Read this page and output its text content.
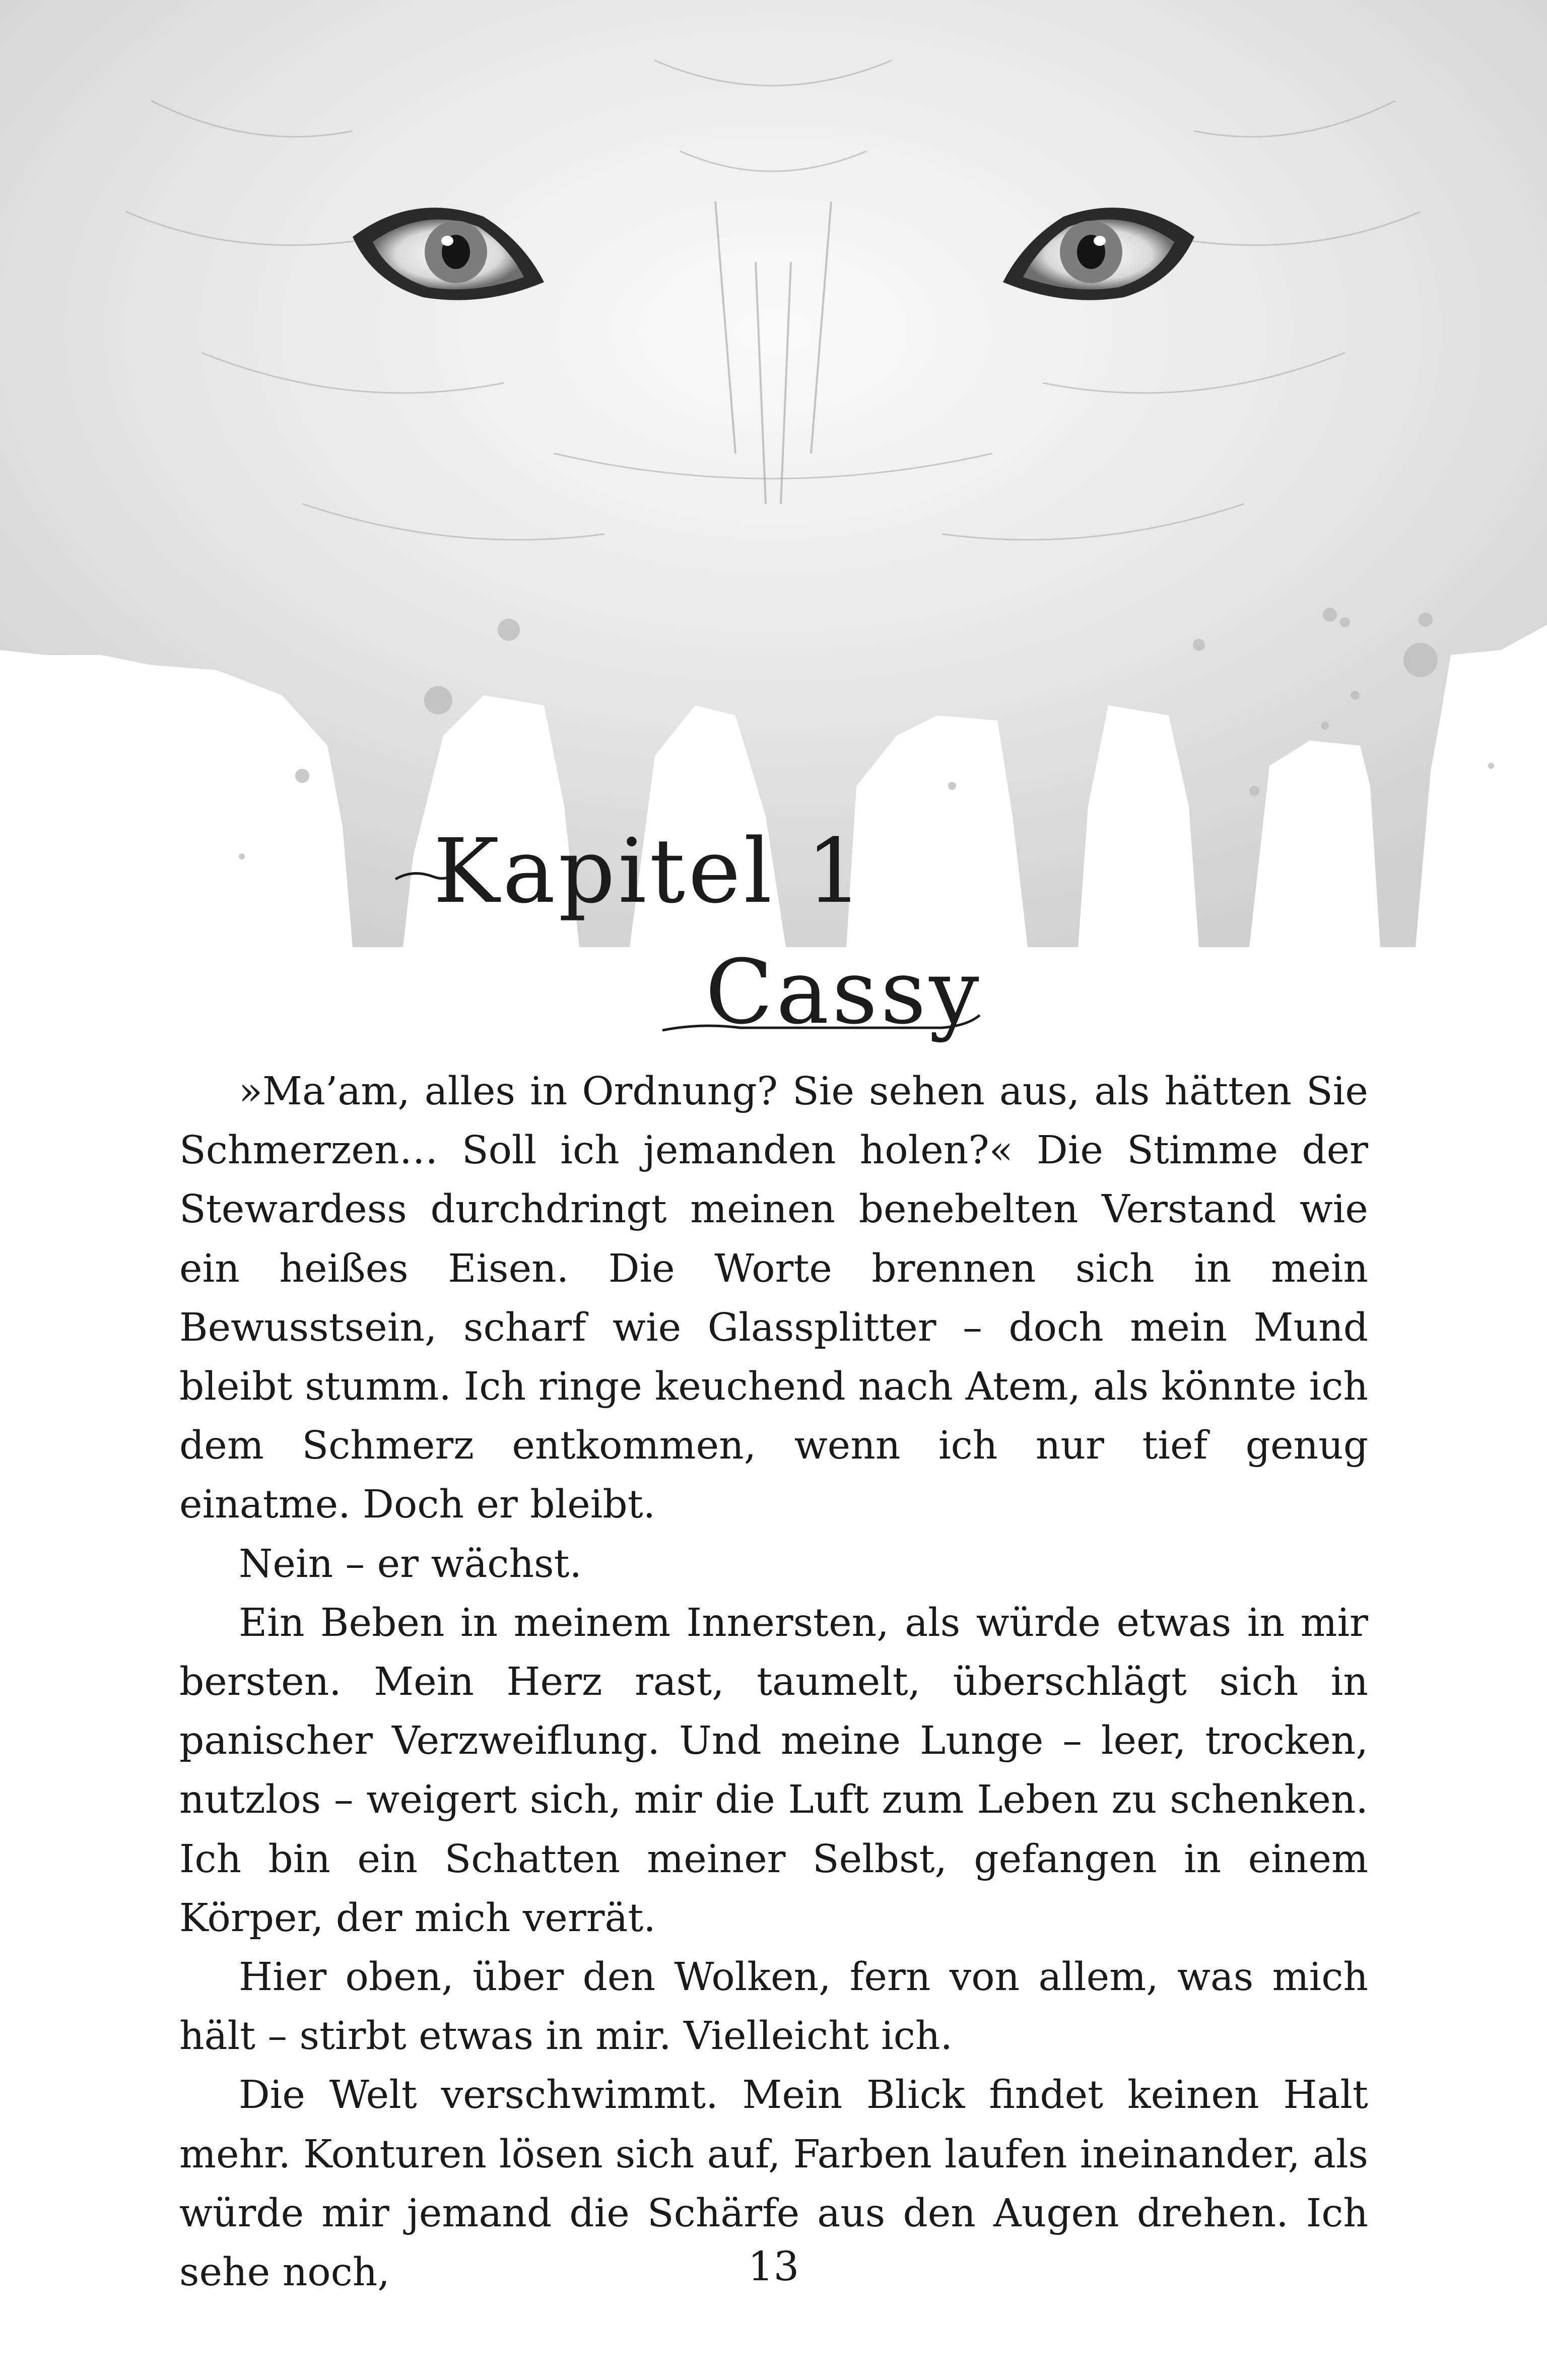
Kapitel 1
Cassy

»Ma’am, alles in Ordnung? Sie sehen aus, als hätten Sie Schmerzen… Soll ich jemanden holen?« Die Stimme der Stewardess durchdringt meinen benebelten Verstand wie ein heißes Eisen. Die Worte brennen sich in mein Bewusstsein, scharf wie Glassplitter – doch mein Mund bleibt stumm. Ich ringe keuchend nach Atem, als könnte ich dem Schmerz entkommen, wenn ich nur tief genug einatme. Doch er bleibt.

Nein – er wächst.

Ein Beben in meinem Innersten, als würde etwas in mir bersten. Mein Herz rast, taumelt, überschlägt sich in panischer Verzweiflung. Und meine Lunge – leer, trocken, nutzlos – weigert sich, mir die Luft zum Leben zu schenken. Ich bin ein Schatten meiner Selbst, gefangen in einem Körper, der mich verrät.

Hier oben, über den Wolken, fern von allem, was mich hält – stirbt etwas in mir. Vielleicht ich.

Die Welt verschwimmt. Mein Blick findet keinen Halt mehr. Konturen lösen sich auf, Farben laufen ineinander, als würde mir jemand die Schärfe aus den Augen drehen. Ich sehe noch,	13
